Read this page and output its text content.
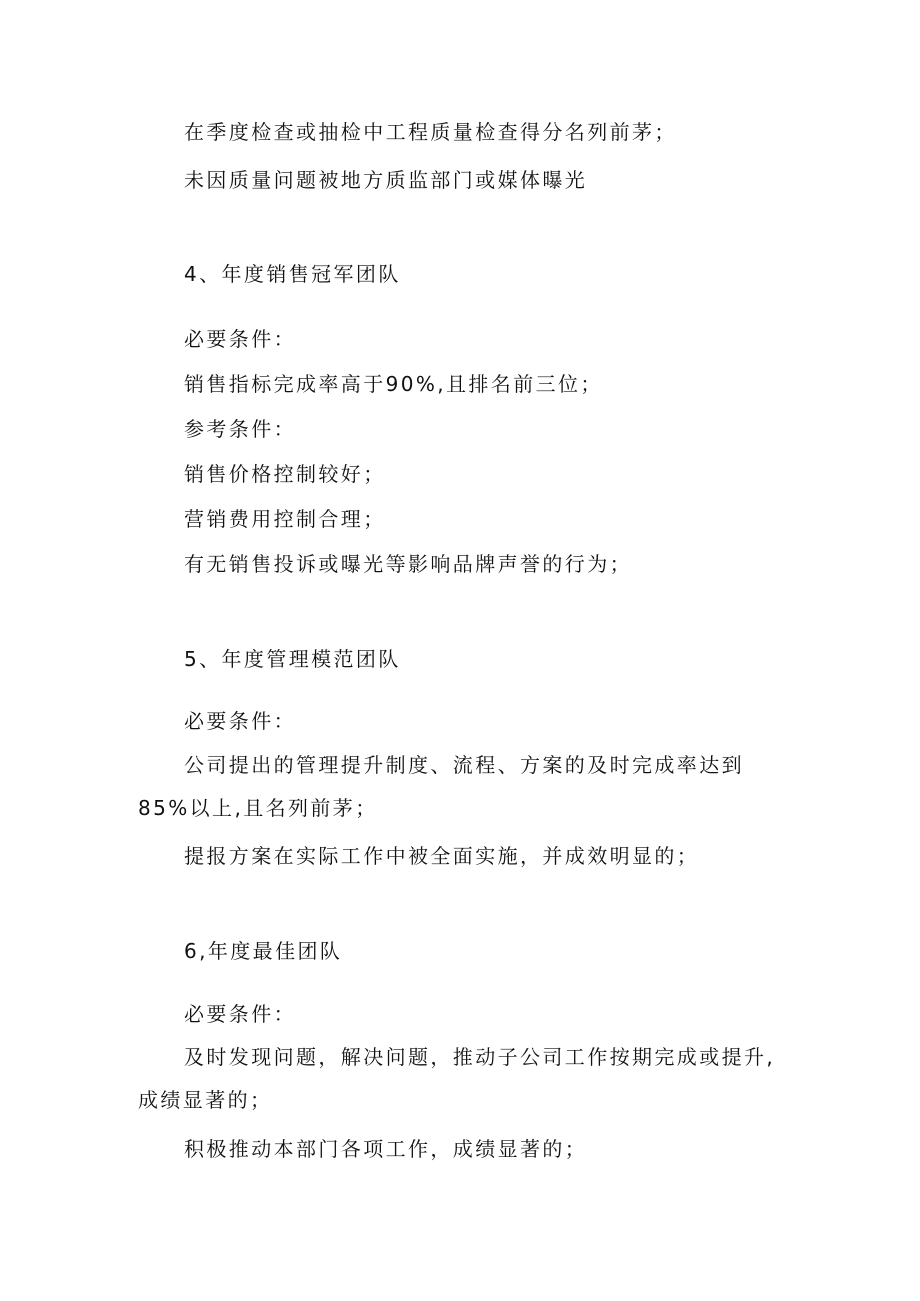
在季度检查或抽检中工程质量检查得分名列前茅；
未因质量问题被地方质监部门或媒体曝光
4、年度销售冠军团队
必要条件：
销售指标完成率高于90%,且排名前三位；
参考条件：
销售价格控制较好；
营销费用控制合理；
有无销售投诉或曝光等影响品牌声誉的行为；
5、年度管理模范团队
必要条件：
公司提出的管理提升制度、流程、方案的及时完成率达到85%以上,且名列前茅；
提报方案在实际工作中被全面实施，并成效明显的；
6,年度最佳团队
必要条件：
及时发现问题，解决问题，推动子公司工作按期完成或提升,成绩显著的；
积极推动本部门各项工作，成绩显著的；
